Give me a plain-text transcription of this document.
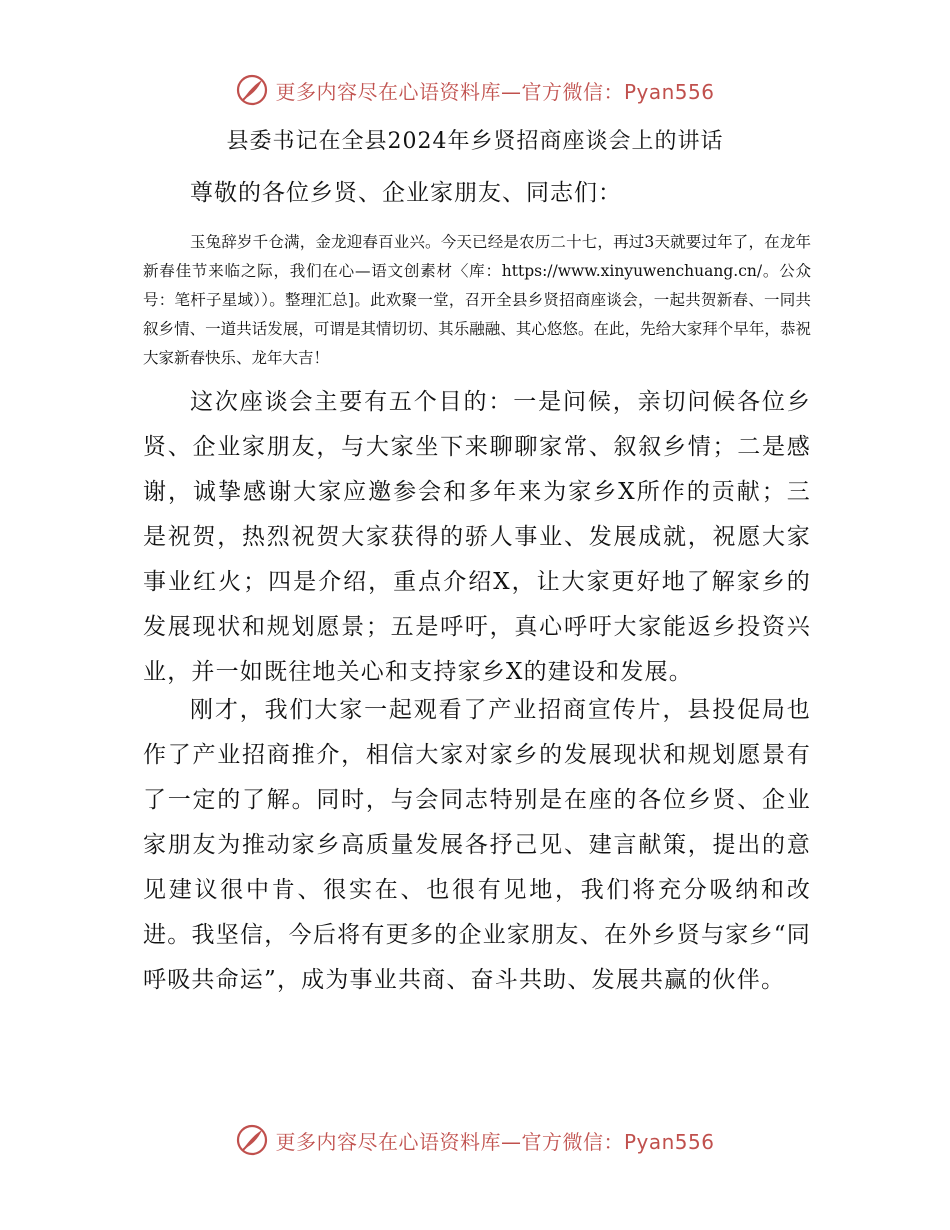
更多内容尽在心语资料库—官方微信：Pyan556
县委书记在全县2024年乡贤招商座谈会上的讲话
尊敬的各位乡贤、企业家朋友、同志们：

玉兔辞岁千仓满，金龙迎春百业兴。今天已经是农历二十七，再过3天就要过年了，在龙年新春佳节来临之际，我们在心—语文创素材〈库：https://www.xinyuwenchuang.cn/。公众号：笔杆子星域））。整理汇总]。此欢聚一堂，召开全县乡贤招商座谈会，一起共贺新春、一同共叙乡情、一道共话发展，可谓是其情切切、其乐融融、其心悠悠。在此，先给大家拜个早年，恭祝大家新春快乐、龙年大吉！

这次座谈会主要有五个目的：一是问候，亲切问候各位乡贤、企业家朋友，与大家坐下来聊聊家常、叙叙乡情；二是感谢，诚挚感谢大家应邀参会和多年来为家乡X所作的贡献；三是祝贺，热烈祝贺大家获得的骄人事业、发展成就，祝愿大家事业红火；四是介绍，重点介绍X，让大家更好地了解家乡的发展现状和规划愿景；五是呼吁，真心呼吁大家能返乡投资兴业，并一如既往地关心和支持家乡X的建设和发展。

刚才，我们大家一起观看了产业招商宣传片，县投促局也作了产业招商推介，相信大家对家乡的发展现状和规划愿景有了一定的了解。同时，与会同志特别是在座的各位乡贤、企业家朋友为推动家乡高质量发展各抒己见、建言献策，提出的意见建议很中肯、很实在、也很有见地，我们将充分吸纳和改进。我坚信，今后将有更多的企业家朋友、在外乡贤与家乡“同呼吸共命运”，成为事业共商、奋斗共助、发展共赢的伙伴。

更多内容尽在心语资料库—官方微信：Pyan556
